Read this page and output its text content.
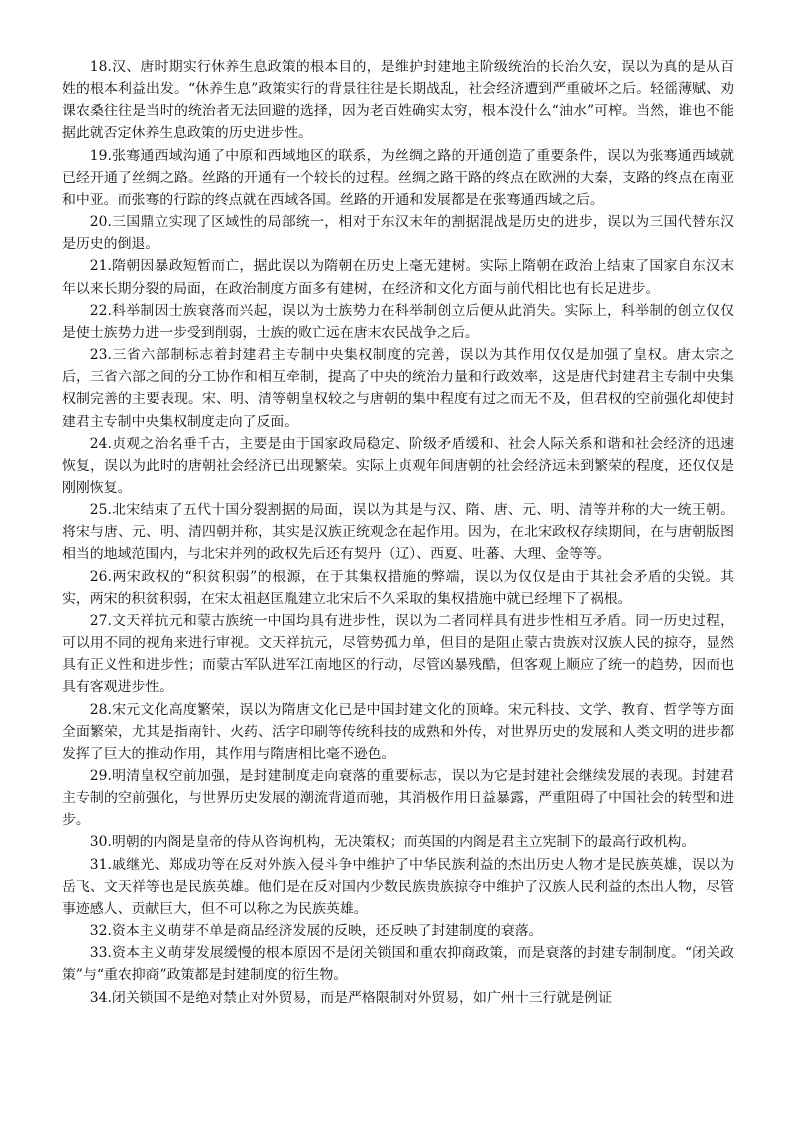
18.汉、唐时期实行休养生息政策的根本目的，是维护封建地主阶级统治的长治久安，误以为真的是从百姓的根本利益出发。“休养生息”政策实行的背景往往是长期战乱，社会经济遭到严重破坏之后。轻徭薄赋、劝课农桑往往是当时的统治者无法回避的选择，因为老百姓确实太穷，根本没什么“油水”可榨。当然，谁也不能据此就否定休养生息政策的历史进步性。

19.张骞通西域沟通了中原和西域地区的联系，为丝绸之路的开通创造了重要条件，误以为张骞通西域就已经开通了丝绸之路。丝路的开通有一个较长的过程。丝绸之路干路的终点在欧洲的大秦，支路的终点在南亚和中亚。而张骞的行踪的终点就在西域各国。丝路的开通和发展都是在张骞通西域之后。

20.三国鼎立实现了区域性的局部统一，相对于东汉末年的割据混战是历史的进步，误以为三国代替东汉是历史的倒退。

21.隋朝因暴政短暂而亡，据此误以为隋朝在历史上毫无建树。实际上隋朝在政治上结束了国家自东汉末年以来长期分裂的局面，在政治制度方面多有建树，在经济和文化方面与前代相比也有长足进步。

22.科举制因士族衰落而兴起，误以为士族势力在科举制创立后便从此消失。实际上，科举制的创立仅仅是使士族势力进一步受到削弱，士族的败亡远在唐末农民战争之后。

23.三省六部制标志着封建君主专制中央集权制度的完善，误以为其作用仅仅是加强了皇权。唐太宗之后，三省六部之间的分工协作和相互牵制，提高了中央的统治力量和行政效率，这是唐代封建君主专制中央集权制完善的主要表现。宋、明、清等朝皇权较之与唐朝的集中程度有过之而无不及，但君权的空前强化却使封建君主专制中央集权制度走向了反面。

24.贞观之治名垂千古，主要是由于国家政局稳定、阶级矛盾缓和、社会人际关系和谐和社会经济的迅速恢复，误以为此时的唐朝社会经济已出现繁荣。实际上贞观年间唐朝的社会经济远未到繁荣的程度，还仅仅是刚刚恢复。

25.北宋结束了五代十国分裂割据的局面，误以为其是与汉、隋、唐、元、明、清等并称的大一统王朝。将宋与唐、元、明、清四朝并称，其实是汉族正统观念在起作用。因为，在北宋政权存续期间，在与唐朝版图相当的地域范围内，与北宋并列的政权先后还有契丹（辽）、西夏、吐蕃、大理、金等等。

26.两宋政权的“积贫积弱”的根源，在于其集权措施的弊端，误以为仅仅是由于其社会矛盾的尖锐。其实，两宋的积贫积弱，在宋太祖赵匡胤建立北宋后不久采取的集权措施中就已经埋下了祸根。

27.文天祥抗元和蒙古族统一中国均具有进步性，误以为二者同样具有进步性相互矛盾。同一历史过程，可以用不同的视角来进行审视。文天祥抗元，尽管势孤力单，但目的是阻止蒙古贵族对汉族人民的掠夺，显然具有正义性和进步性；而蒙古军队进军江南地区的行动，尽管凶暴残酷，但客观上顺应了统一的趋势，因而也具有客观进步性。

28.宋元文化高度繁荣，误以为隋唐文化已是中国封建文化的顶峰。宋元科技、文学、教育、哲学等方面全面繁荣，尤其是指南针、火药、活字印刷等传统科技的成熟和外传，对世界历史的发展和人类文明的进步都发挥了巨大的推动作用，其作用与隋唐相比毫不逊色。

29.明清皇权空前加强，是封建制度走向衰落的重要标志，误以为它是封建社会继续发展的表现。封建君主专制的空前强化，与世界历史发展的潮流背道而驰，其消极作用日益暴露，严重阻碍了中国社会的转型和进步。

30.明朝的内阁是皇帝的侍从咨询机构，无决策权；而英国的内阁是君主立宪制下的最高行政机构。

31.戚继光、郑成功等在反对外族入侵斗争中维护了中华民族利益的杰出历史人物才是民族英雄，误以为岳飞、文天祥等也是民族英雄。他们是在反对国内少数民族贵族掠夺中维护了汉族人民利益的杰出人物，尽管事迹感人、贡献巨大，但不可以称之为民族英雄。

32.资本主义萌芽不单是商品经济发展的反映，还反映了封建制度的衰落。

33.资本主义萌芽发展缓慢的根本原因不是闭关锁国和重农抑商政策，而是衰落的封建专制制度。“闭关政策”与“重农抑商”政策都是封建制度的衍生物。

34.闭关锁国不是绝对禁止对外贸易，而是严格限制对外贸易，如广州十三行就是例证
